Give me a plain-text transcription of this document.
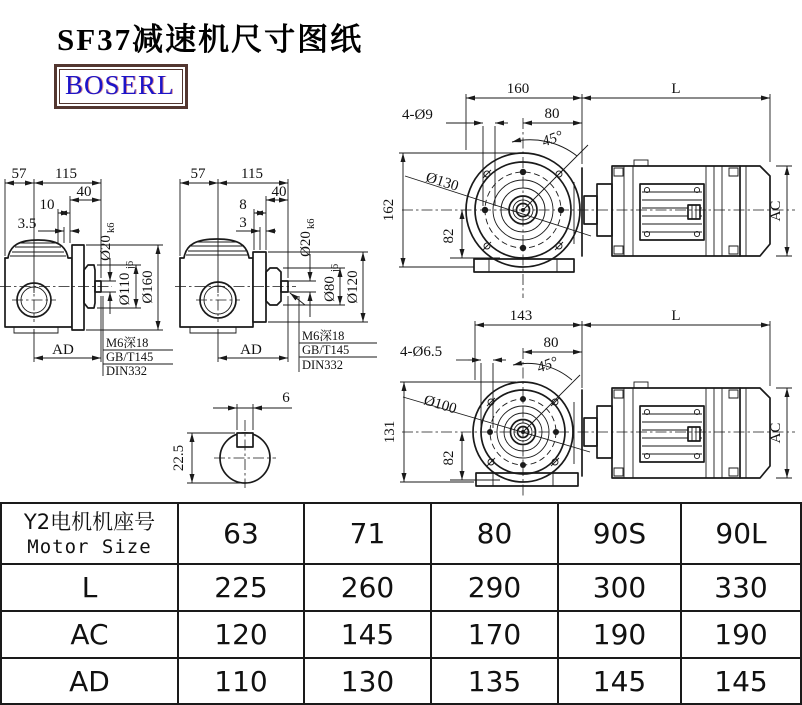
SF37减速机尺寸图纸
BOSERL
57 115
40
10
3.5
Ø20
k6
Ø110
j6
Ø160
AD	M6深18
GB/T145
DIN332
57 115
40
8
3
Ø20
k6
Ø80
j6
Ø120
AD
M6深18
GB/T145
DIN332
6
22.5
45°
Ø130
160	L
80
4-Ø9
162
82
AC
45°
Ø100
143	L
80
4-Ø6.5
131
82
AC
Y2电机机座号
Motor Size	63	71	80	90S	90L
L	225	260	290	300	330
AC	120	145	170	190	190
AD	110	130	135	145	145
